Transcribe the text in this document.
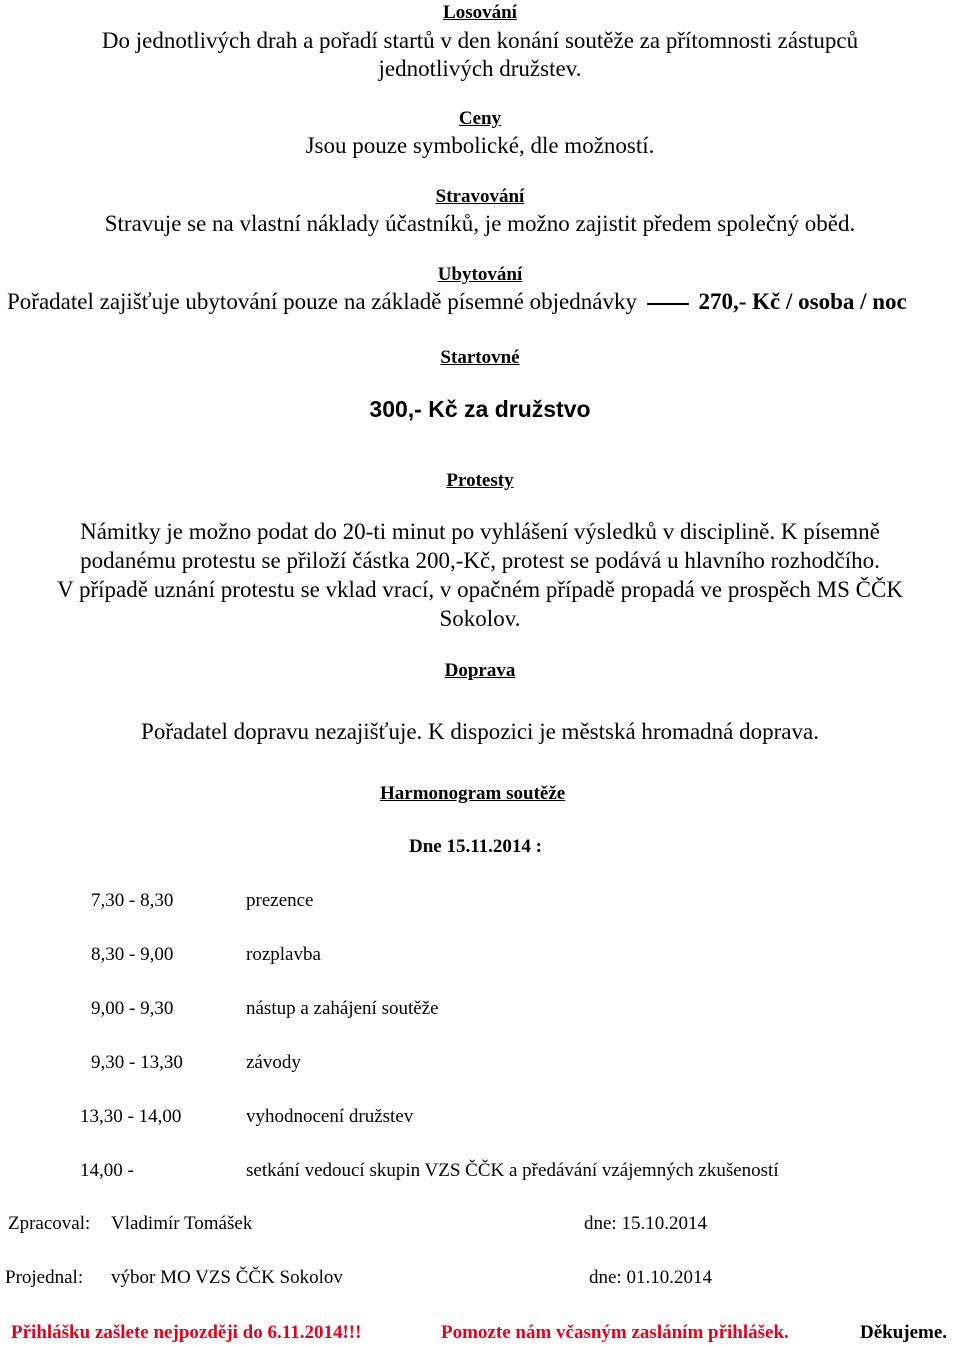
Losování
Do jednotlivých drah a pořadí startů v den konání soutěže za přítomnosti zástupců
jednotlivých družstev.
Ceny
Jsou pouze symbolické, dle možností.
Stravování
Stravuje se na vlastní náklady účastníků, je možno zajistit předem společný oběd.
Ubytování
Pořadatel zajišťuje ubytování pouze na základě písemné objednávky	270,- Kč / osoba / noc
Startovné
300,- Kč za družstvo
Protesty
Námitky je možno podat do 20-ti minut po vyhlášení výsledků v disciplině. K písemně
podanému protestu se přiloží částka 200,-Kč, protest se podává u hlavního rozhodčího.
V případě uznání protestu se vklad vrací, v opačném případě propadá ve prospěch MS ČČK
Sokolov.
Doprava
Pořadatel dopravu nezajišťuje. K dispozici je městská hromadná doprava.
Harmonogram soutěže
Dne 15.11.2014 :
7,30 - 8,30	prezence
8,30 - 9,00	rozplavba
9,00 - 9,30	nástup a zahájení soutěže
9,30 - 13,30	závody
13,30 - 14,00	vyhodnocení družstev
14,00 -	setkání vedoucí skupin VZS ČČK a předávání vzájemných zkušeností
Zpracoval: Vladimír Tomášek	dne: 15.10.2014
Projednal: výbor MO VZS ČČK Sokolov	dne: 01.10.2014
Přihlášku zašlete nejpozději do 6.11.2014!!!	Pomozte nám včasným zasláním přihlášek.	Děkujeme.
